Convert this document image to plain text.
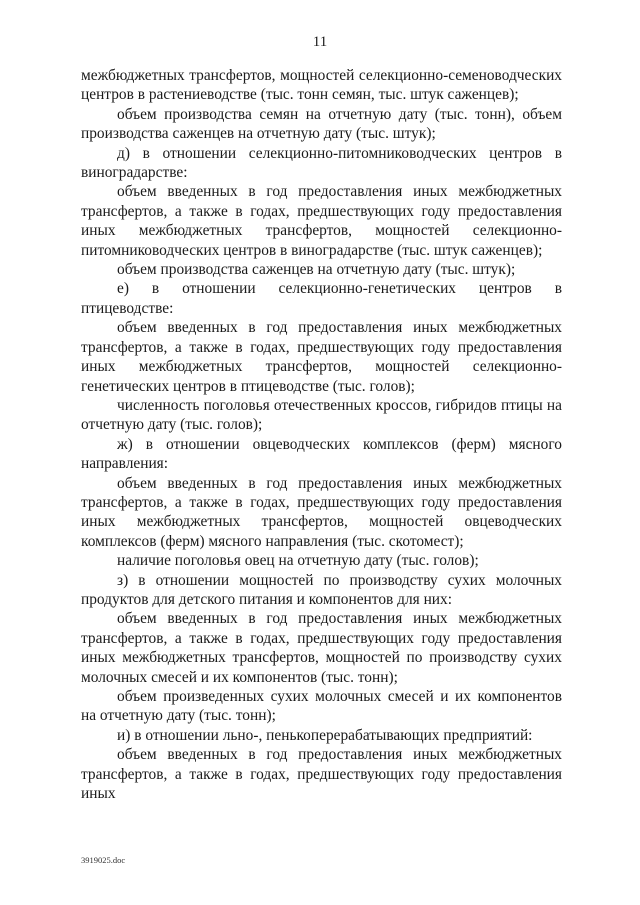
11

межбюджетных трансфертов, мощностей селекционно-семеноводческих центров в растениеводстве (тыс. тонн семян, тыс. штук саженцев);

объем производства семян на отчетную дату (тыс. тонн), объем производства саженцев на отчетную дату (тыс. штук);

д) в отношении селекционно-питомниководческих центров в виноградарстве:

объем введенных в год предоставления иных межбюджетных трансфертов, а также в годах, предшествующих году предоставления иных межбюджетных трансфертов, мощностей селекционно-питомниководческих центров в виноградарстве (тыс. штук саженцев);

объем производства саженцев на отчетную дату (тыс. штук);

е) в отношении селекционно-генетических центров в птицеводстве:

объем введенных в год предоставления иных межбюджетных трансфертов, а также в годах, предшествующих году предоставления иных межбюджетных трансфертов, мощностей селекционно-генетических центров в птицеводстве (тыс. голов);

численность поголовья отечественных кроссов, гибридов птицы на отчетную дату (тыс. голов);

ж) в отношении овцеводческих комплексов (ферм) мясного направления:

объем введенных в год предоставления иных межбюджетных трансфертов, а также в годах, предшествующих году предоставления иных межбюджетных трансфертов, мощностей овцеводческих комплексов (ферм) мясного направления (тыс. скотомест);

наличие поголовья овец на отчетную дату (тыс. голов);

з) в отношении мощностей по производству сухих молочных продуктов для детского питания и компонентов для них:

объем введенных в год предоставления иных межбюджетных трансфертов, а также в годах, предшествующих году предоставления иных межбюджетных трансфертов, мощностей по производству сухих молочных смесей и их компонентов (тыс. тонн);

объем произведенных сухих молочных смесей и их компонентов на отчетную дату (тыс. тонн);

и) в отношении льно-, пенькоперерабатывающих предприятий:

объем введенных в год предоставления иных межбюджетных трансфертов, а также в годах, предшествующих году предоставления иных

3919025.doc
